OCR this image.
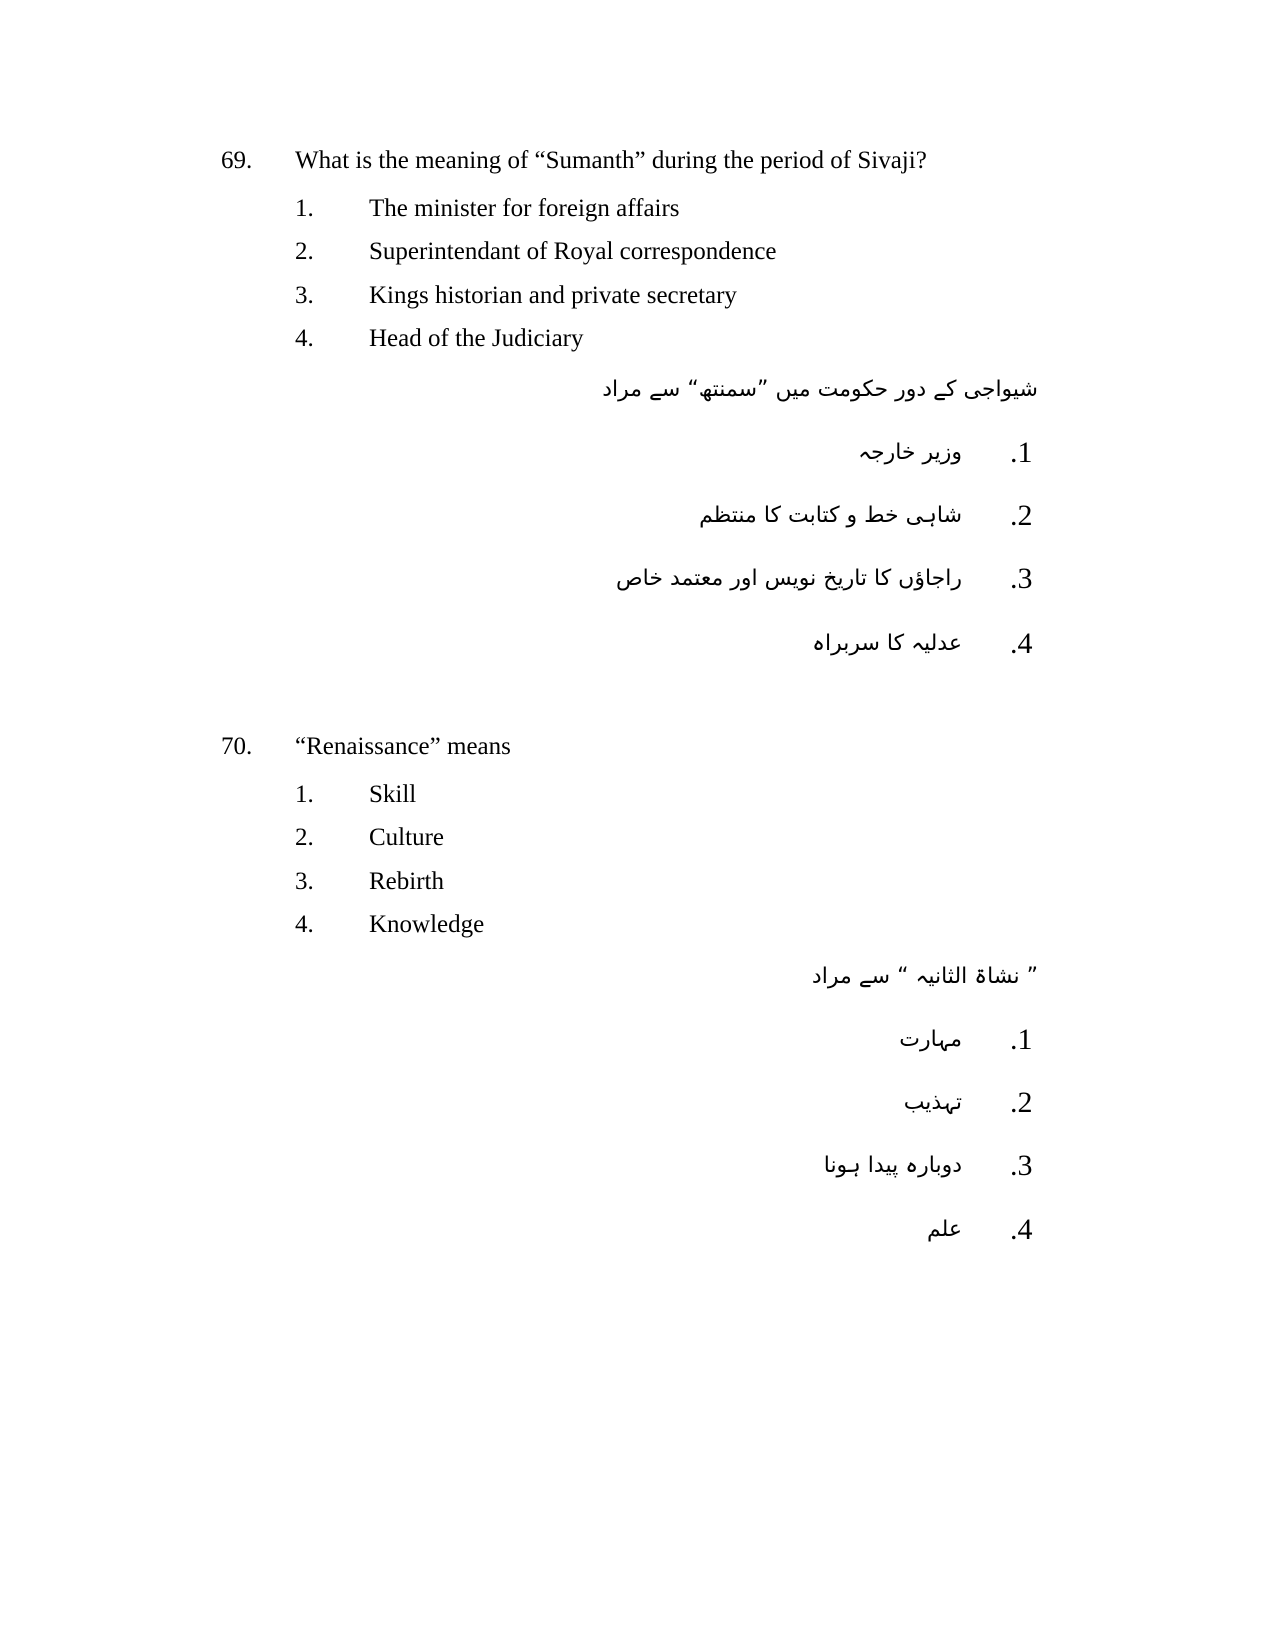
69. What is the meaning of “Sumanth” during the period of Sivaji?
1. The minister for foreign affairs
2. Superintendant of Royal correspondence
3. Kings historian and private secretary
4. Head of the Judiciary
شیواجی کے دور حکومت میں ”سمنتھ“ سے مراد
1.
وزیر خارجہ
2.
شاہی خط و کتابت کا منتظم
3.
راجاؤں کا تاریخ نویس اور معتمد خاص
4.
عدلیہ کا سربراہ
70. “Renaissance” means
1. Skill
2. Culture
3. Rebirth
4. Knowledge
” نشاۃ الثانیہ “ سے مراد
1.
مہارت
2.
تہذیب
3.
دوبارہ پیدا ہونا
4.
علم
